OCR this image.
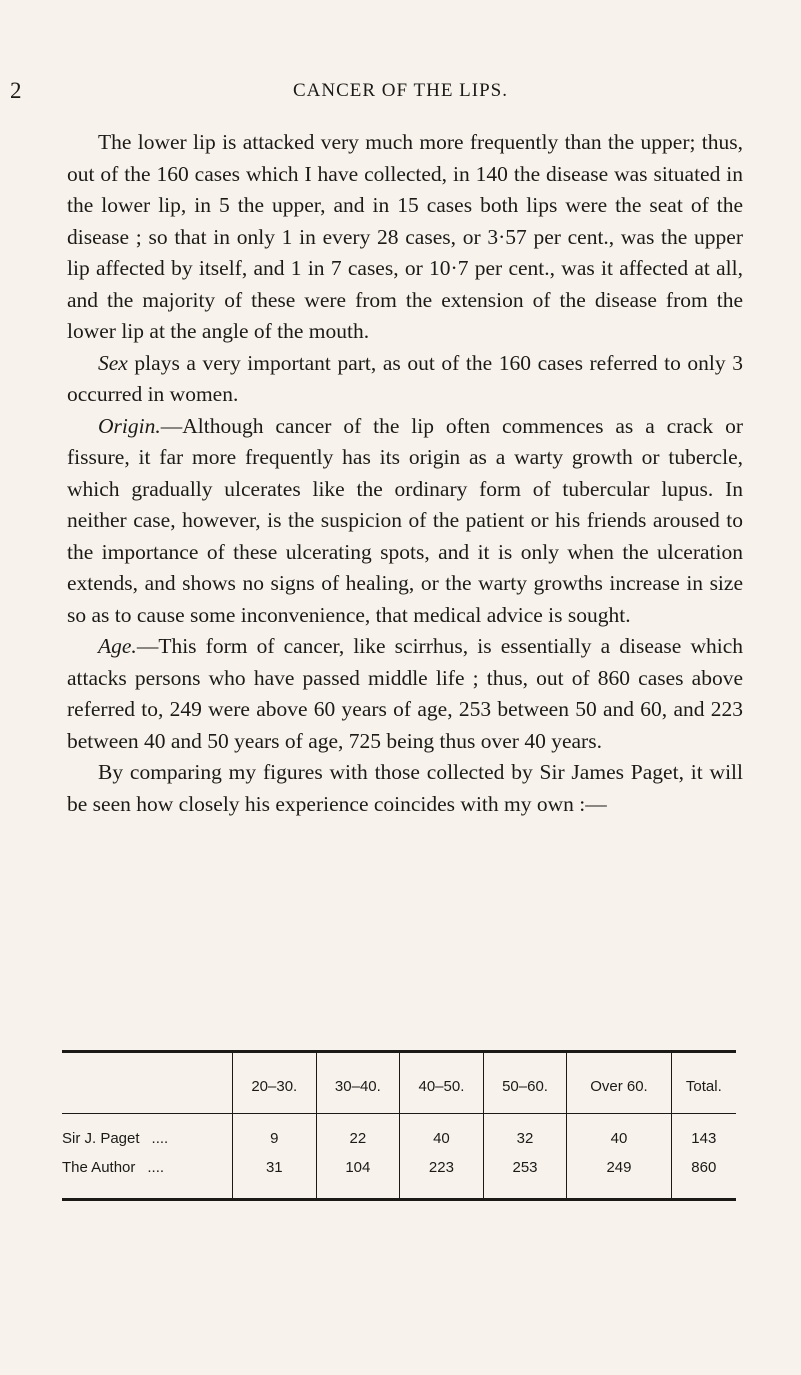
2	CANCER OF THE LIPS.

The lower lip is attacked very much more frequently than the upper; thus, out of the 160 cases which I have collected, in 140 the disease was situated in the lower lip, in 5 the upper, and in 15 cases both lips were the seat of the disease ; so that in only 1 in every 28 cases, or 3·57 per cent., was the upper lip affected by itself, and 1 in 7 cases, or 10·7 per cent., was it affected at all, and the majority of these were from the extension of the disease from the lower lip at the angle of the mouth.

Sex plays a very important part, as out of the 160 cases referred to only 3 occurred in women.

Origin.—Although cancer of the lip often commences as a crack or fissure, it far more frequently has its origin as a warty growth or tubercle, which gradually ulcerates like the ordinary form of tubercular lupus. In neither case, however, is the suspicion of the patient or his friends aroused to the importance of these ulcerating spots, and it is only when the ulceration extends, and shows no signs of healing, or the warty growths increase in size so as to cause some inconvenience, that medical advice is sought.

Age.—This form of cancer, like scirrhus, is essentially a disease which attacks persons who have passed middle life ; thus, out of 860 cases above referred to, 249 were above 60 years of age, 253 between 50 and 60, and 223 between 40 and 50 years of age, 725 being thus over 40 years.

By comparing my figures with those collected by Sir James Paget, it will be seen how closely his experience coincides with my own :—

	20–30.	30–40.	40–50.	50–60.	Over 60.	Total.
Sir J. Paget ....	9	22	40	32	40	143
The Author ....	31	104	223	253	249	860
